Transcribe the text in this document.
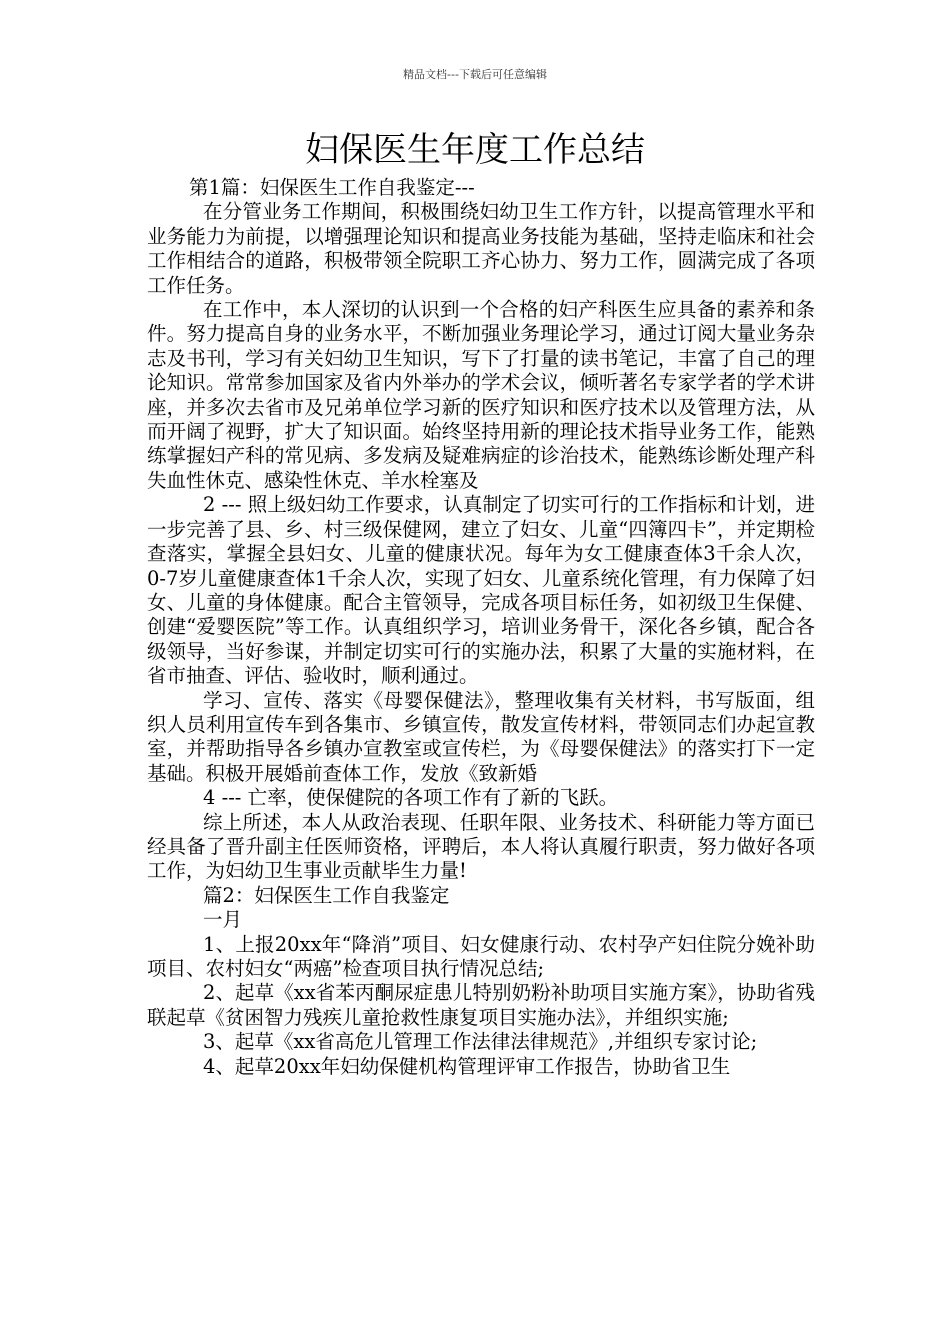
精品文档---下载后可任意编辑
妇保医生年度工作总结

第1篇：妇保医生工作自我鉴定---

在分管业务工作期间，积极围绕妇幼卫生工作方针，以提高管理水平和业务能力为前提，以增强理论知识和提高业务技能为基础，坚持走临床和社会工作相结合的道路，积极带领全院职工齐心协力、努力工作，圆满完成了各项工作任务。

在工作中，本人深切的认识到一个合格的妇产科医生应具备的素养和条件。努力提高自身的业务水平，不断加强业务理论学习，通过订阅大量业务杂志及书刊，学习有关妇幼卫生知识，写下了打量的读书笔记，丰富了自己的理论知识。常常参加国家及省内外举办的学术会议，倾听著名专家学者的学术讲座，并多次去省市及兄弟单位学习新的医疗知识和医疗技术以及管理方法，从而开阔了视野，扩大了知识面。始终坚持用新的理论技术指导业务工作，能熟练掌握妇产科的常见病、多发病及疑难病症的诊治技术，能熟练诊断处理产科失血性休克、感染性休克、羊水栓塞及

2 --- 照上级妇幼工作要求，认真制定了切实可行的工作指标和计划，进一步完善了县、乡、村三级保健网，建立了妇女、儿童“四簿四卡”，并定期检查落实，掌握全县妇女、儿童的健康状况。每年为女工健康查体3千余人次，0-7岁儿童健康查体1千余人次，实现了妇女、儿童系统化管理，有力保障了妇女、儿童的身体健康。配合主管领导，完成各项目标任务，如初级卫生保健、创建“爱婴医院”等工作。认真组织学习，培训业务骨干，深化各乡镇，配合各级领导，当好参谋，并制定切实可行的实施办法，积累了大量的实施材料，在省市抽查、评估、验收时，顺利通过。

学习、宣传、落实《母婴保健法》，整理收集有关材料，书写版面，组织人员利用宣传车到各集市、乡镇宣传，散发宣传材料，带领同志们办起宣教室，并帮助指导各乡镇办宣教室或宣传栏，为《母婴保健法》的落实打下一定基础。积极开展婚前查体工作，发放《致新婚

4 --- 亡率，使保健院的各项工作有了新的飞跃。

综上所述，本人从政治表现、任职年限、业务技术、科研能力等方面已经具备了晋升副主任医师资格，评聘后，本人将认真履行职责，努力做好各项工作，为妇幼卫生事业贡献毕生力量!

篇2：妇保医生工作自我鉴定

一月

1、上报20xx年“降消”项目、妇女健康行动、农村孕产妇住院分娩补助项目、农村妇女“两癌”检查项目执行情况总结;

2、起草《xx省苯丙酮尿症患儿特别奶粉补助项目实施方案》，协助省残联起草《贫困智力残疾儿童抢救性康复项目实施办法》，并组织实施;

3、起草《xx省高危儿管理工作法律法律规范》,并组织专家讨论;

4、起草20xx年妇幼保健机构管理评审工作报告，协助省卫生
